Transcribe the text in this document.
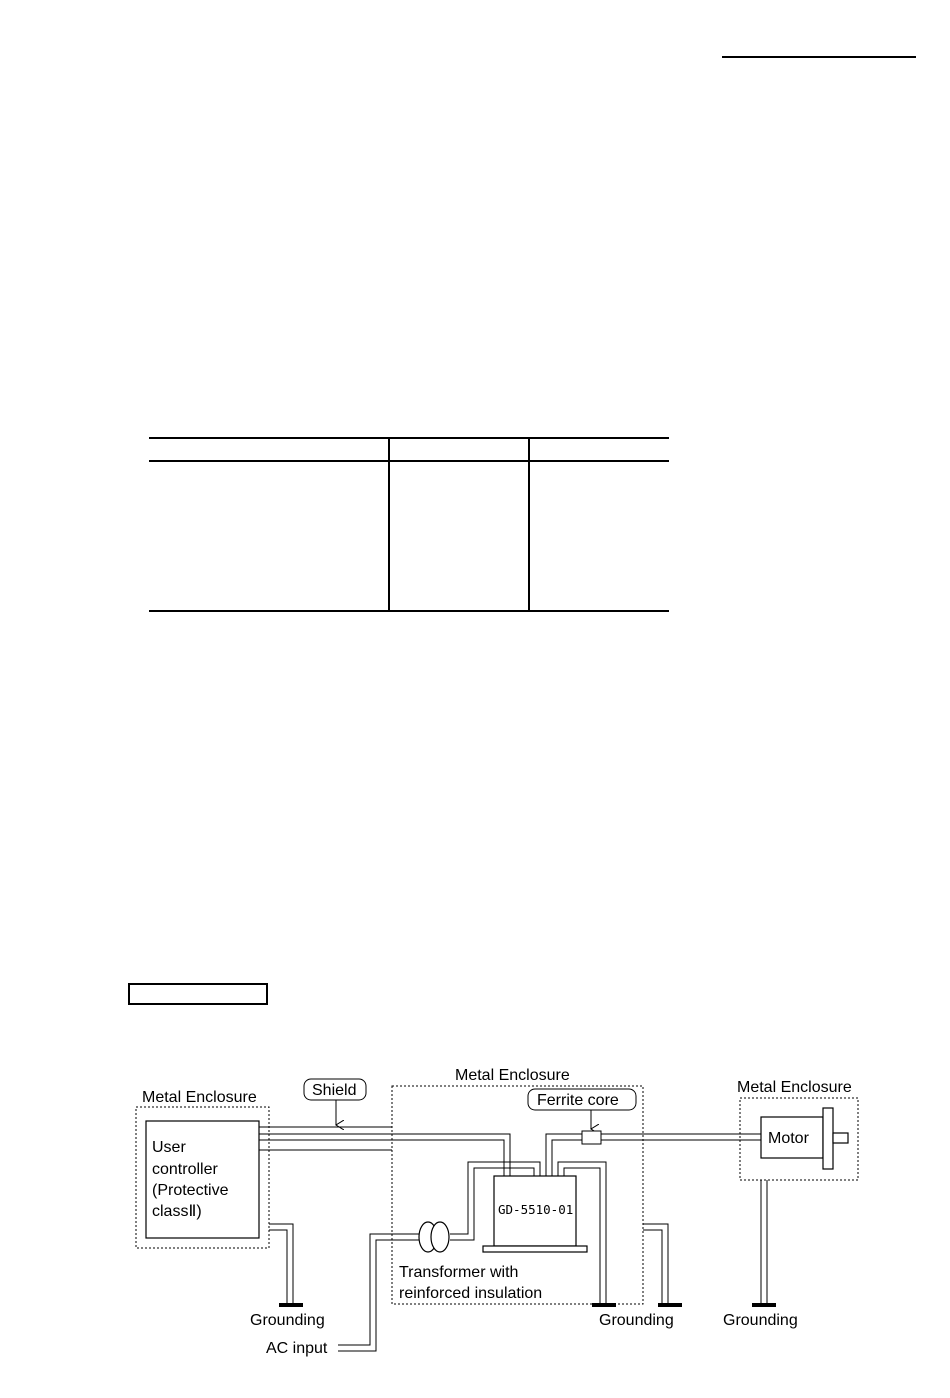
Metal Enclosure
User
controller
(Protective
classⅡ)
Shield
Metal Enclosure
GD-5510-01
Ferrite core
Transformer with
reinforced insulation
AC input
Grounding	Grounding
Metal Enclosure
Motor
Grounding
